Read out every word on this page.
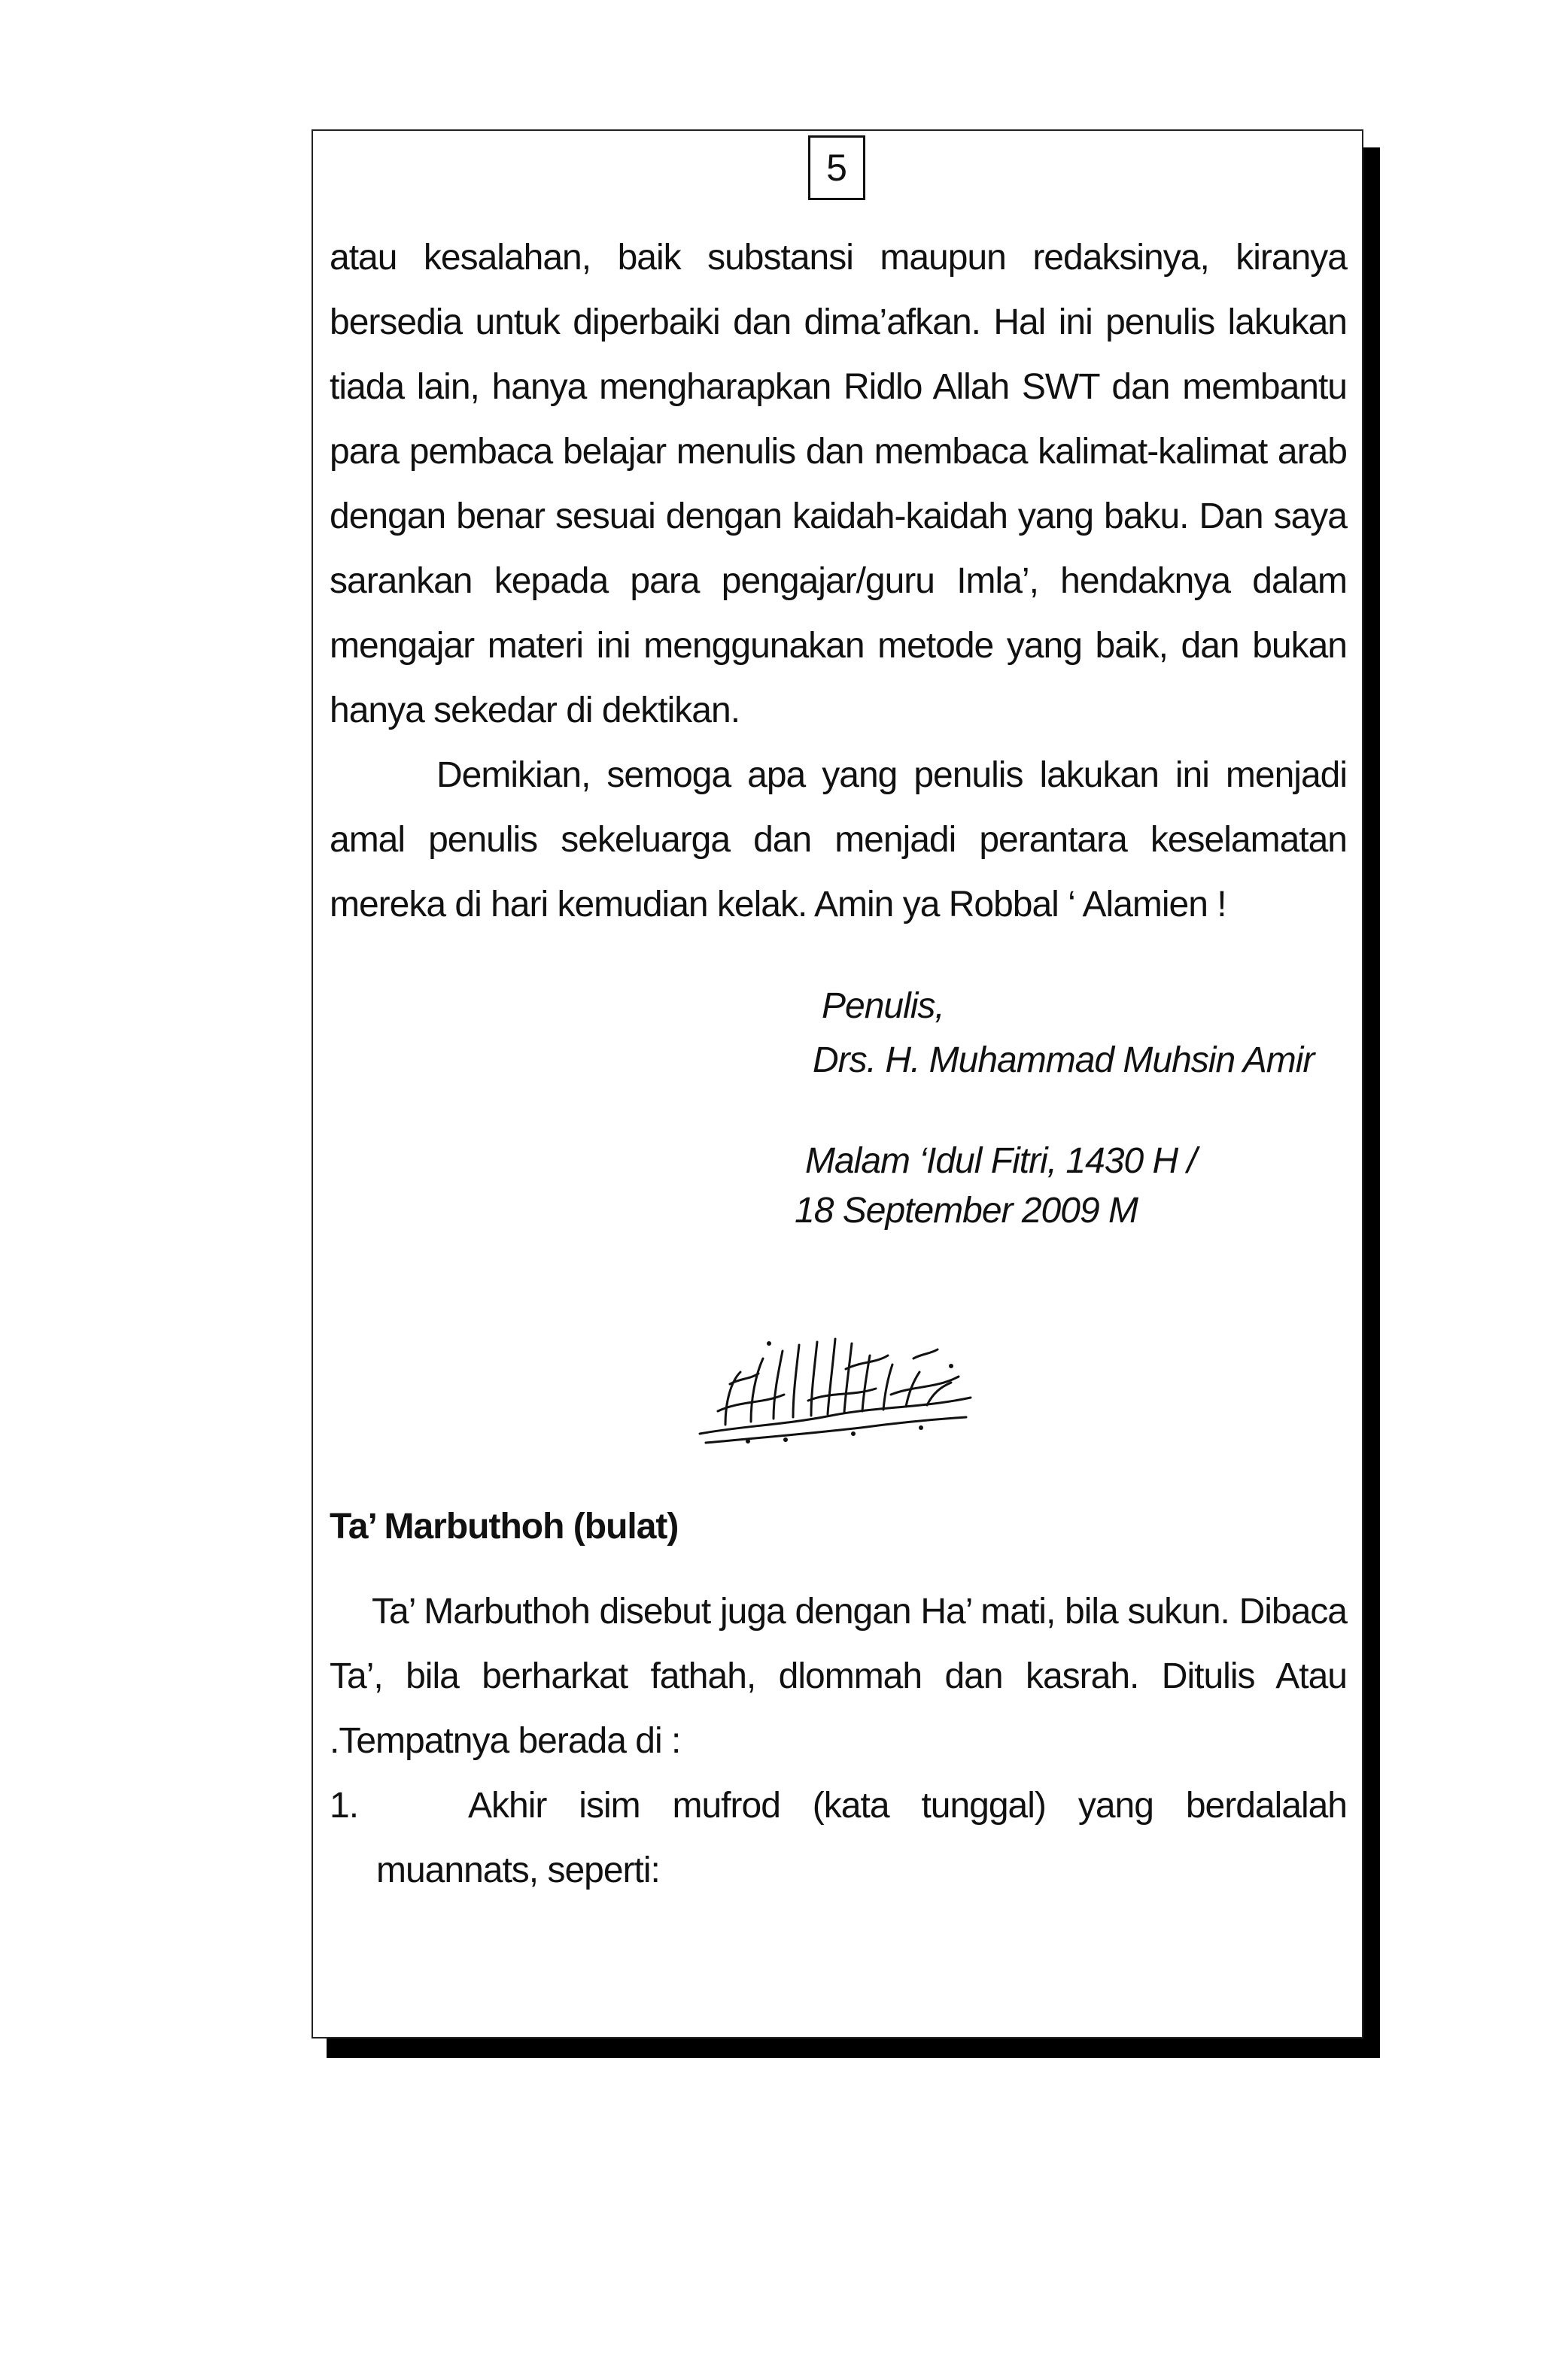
5

atau kesalahan, baik substansi maupun redaksinya, kiranya bersedia untuk diperbaiki dan dima’afkan. Hal ini penulis lakukan tiada lain, hanya mengharapkan Ridlo Allah SWT dan membantu para pembaca belajar menulis dan membaca kalimat-kalimat arab dengan benar sesuai dengan kaidah-kaidah yang baku. Dan saya sarankan kepada para pengajar/guru Imla’, hendaknya dalam mengajar materi ini menggunakan metode yang baik, dan bukan hanya sekedar di dektikan.

Demikian, semoga apa yang penulis lakukan ini menjadi amal penulis sekeluarga dan menjadi perantara keselamatan mereka di hari kemudian kelak. Amin ya Robbal ‘ Alamien !

Penulis,
Drs. H. Muhammad Muhsin Amir
Malam ‘Idul Fitri, 1430 H /
18 September 2009 M
Ta’ Marbuthoh (bulat)

Ta’ Marbuthoh disebut juga dengan Ha’ mati, bila sukun. Dibaca Ta’, bila berharkat fathah, dlommah dan kasrah. Ditulis Atau .Tempatnya berada di :

1.	Akhir isim mufrod (kata tunggal) yang berdalalah muannats, seperti:
